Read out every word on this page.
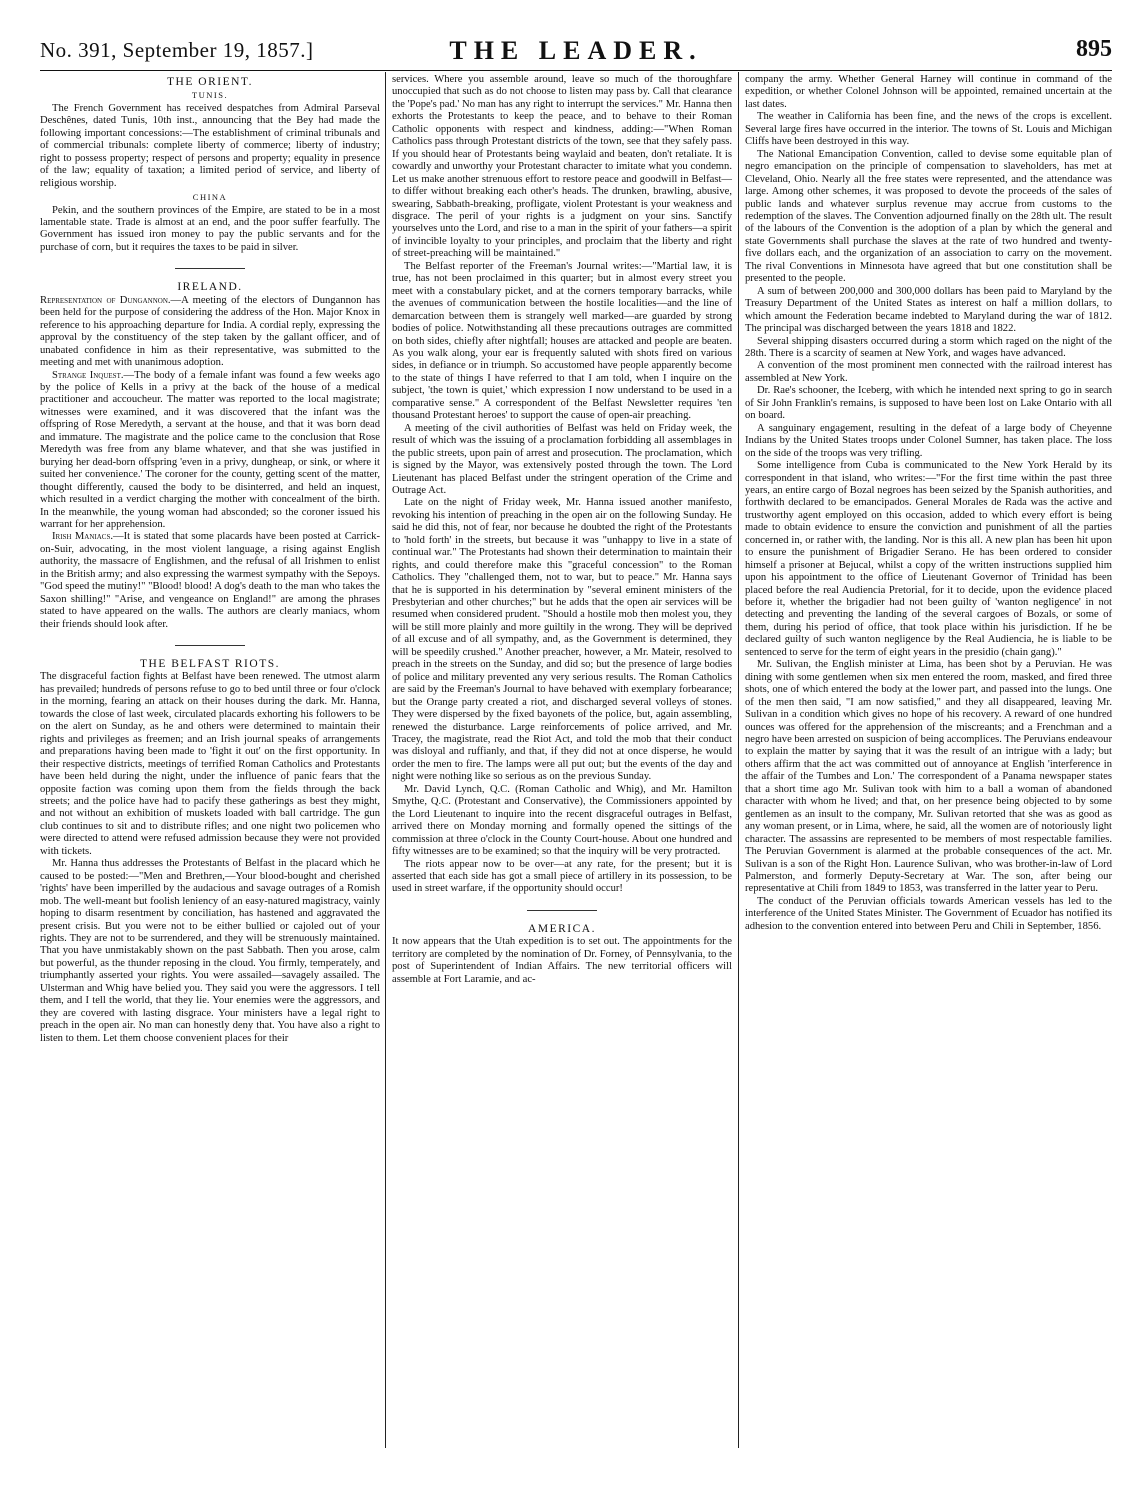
No. 391, September 19, 1857.]	THE LEADER.	895
THE ORIENT.
TUNIS.

The French Government has received despatches from Admiral Parseval Deschênes, dated Tunis, 10th inst., announcing that the Bey had made the following important concessions:—The establishment of criminal tribunals and of commercial tribunals: complete liberty of commerce; liberty of industry; right to possess property; respect of persons and property; equality in presence of the law; equality of taxation; a limited period of service, and liberty of religious worship.

CHINA

Pekin, and the southern provinces of the Empire, are stated to be in a most lamentable state. Trade is almost at an end, and the poor suffer fearfully. The Government has issued iron money to pay the public servants and for the purchase of corn, but it requires the taxes to be paid in silver.

IRELAND.

Representation of Dungannon.—A meeting of the electors of Dungannon has been held for the purpose of considering the address of the Hon. Major Knox in reference to his approaching departure for India. A cordial reply, expressing the approval by the constituency of the step taken by the gallant officer, and of unabated confidence in him as their representative, was submitted to the meeting and met with unanimous adoption.

Strange Inquest.—The body of a female infant was found a few weeks ago by the police of Kells in a privy at the back of the house of a medical practitioner and accoucheur. The matter was reported to the local magistrate; witnesses were examined, and it was discovered that the infant was the offspring of Rose Meredyth, a servant at the house, and that it was born dead and immature. The magistrate and the police came to the conclusion that Rose Meredyth was free from any blame whatever, and that she was justified in burying her dead-born offspring 'even in a privy, dungheap, or sink, or where it suited her convenience.' The coroner for the county, getting scent of the matter, thought differently, caused the body to be disinterred, and held an inquest, which resulted in a verdict charging the mother with concealment of the birth. In the meanwhile, the young woman had absconded; so the coroner issued his warrant for her apprehension.

Irish Maniacs.—It is stated that some placards have been posted at Carrick-on-Suir, advocating, in the most violent language, a rising against English authority, the massacre of Englishmen, and the refusal of all Irishmen to enlist in the British army; and also expressing the warmest sympathy with the Sepoys. "God speed the mutiny!" "Blood! blood! A dog's death to the man who takes the Saxon shilling!" "Arise, and vengeance on England!" are among the phrases stated to have appeared on the walls. The authors are clearly maniacs, whom their friends should look after.

THE BELFAST RIOTS.

The disgraceful faction fights at Belfast have been renewed. The utmost alarm has prevailed; hundreds of persons refuse to go to bed until three or four o'clock in the morning, fearing an attack on their houses during the dark. Mr. Hanna, towards the close of last week, circulated placards exhorting his followers to be on the alert on Sunday, as he and others were determined to maintain their rights and privileges as freemen; and an Irish journal speaks of arrangements and preparations having been made to 'fight it out' on the first opportunity. In their respective districts, meetings of terrified Roman Catholics and Protestants have been held during the night, under the influence of panic fears that the opposite faction was coming upon them from the fields through the back streets; and the police have had to pacify these gatherings as best they might, and not without an exhibition of muskets loaded with ball cartridge. The gun club continues to sit and to distribute rifles; and one night two policemen who were directed to attend were refused admission because they were not provided with tickets.

Mr. Hanna thus addresses the Protestants of Belfast in the placard which he caused to be posted:—"Men and Brethren,—Your blood-bought and cherished 'rights' have been imperilled by the audacious and savage outrages of a Romish mob. The well-meant but foolish leniency of an easy-natured magistracy, vainly hoping to disarm resentment by conciliation, has hastened and aggravated the present crisis. But you were not to be either bullied or cajoled out of your rights. They are not to be surrendered, and they will be strenuously maintained. That you have unmistakably shown on the past Sabbath. Then you arose, calm but powerful, as the thunder reposing in the cloud. You firmly, temperately, and triumphantly asserted your rights. You were assailed—savagely assailed. The Ulsterman and Whig have belied you. They said you were the aggressors. I tell them, and I tell the world, that they lie. Your enemies were the aggressors, and they are covered with lasting disgrace. Your ministers have a legal right to preach in the open air. No man can honestly deny that. You have also a right to listen to them. Let them choose convenient places for their

services. Where you assemble around, leave so much of the thoroughfare unoccupied that such as do not choose to listen may pass by. Call that clearance the 'Pope's pad.' No man has any right to interrupt the services." Mr. Hanna then exhorts the Protestants to keep the peace, and to behave to their Roman Catholic opponents with respect and kindness, adding:—"When Roman Catholics pass through Protestant districts of the town, see that they safely pass. If you should hear of Protestants being waylaid and beaten, don't retaliate. It is cowardly and unworthy your Protestant character to imitate what you condemn. Let us make another strenuous effort to restore peace and goodwill in Belfast—to differ without breaking each other's heads. The drunken, brawling, abusive, swearing, Sabbath-breaking, profligate, violent Protestant is your weakness and disgrace. The peril of your rights is a judgment on your sins. Sanctify yourselves unto the Lord, and rise to a man in the spirit of your fathers—a spirit of invincible loyalty to your principles, and proclaim that the liberty and right of street-preaching will be maintained."

The Belfast reporter of the Freeman's Journal writes:—"Martial law, it is true, has not been proclaimed in this quarter; but in almost every street you meet with a constabulary picket, and at the corners temporary barracks, while the avenues of communication between the hostile localities—and the line of demarcation between them is strangely well marked—are guarded by strong bodies of police. Notwithstanding all these precautions outrages are committed on both sides, chiefly after nightfall; houses are attacked and people are beaten. As you walk along, your ear is frequently saluted with shots fired on various sides, in defiance or in triumph. So accustomed have people apparently become to the state of things I have referred to that I am told, when I inquire on the subject, 'the town is quiet,' which expression I now understand to be used in a comparative sense." A correspondent of the Belfast Newsletter requires 'ten thousand Protestant heroes' to support the cause of open-air preaching.

A meeting of the civil authorities of Belfast was held on Friday week, the result of which was the issuing of a proclamation forbidding all assemblages in the public streets, upon pain of arrest and prosecution. The proclamation, which is signed by the Mayor, was extensively posted through the town. The Lord Lieutenant has placed Belfast under the stringent operation of the Crime and Outrage Act.

Late on the night of Friday week, Mr. Hanna issued another manifesto, revoking his intention of preaching in the open air on the following Sunday. He said he did this, not of fear, nor because he doubted the right of the Protestants to 'hold forth' in the streets, but because it was "unhappy to live in a state of continual war." The Protestants had shown their determination to maintain their rights, and could therefore make this "graceful concession" to the Roman Catholics. They "challenged them, not to war, but to peace." Mr. Hanna says that he is supported in his determination by "several eminent ministers of the Presbyterian and other churches;" but he adds that the open air services will be resumed when considered prudent. "Should a hostile mob then molest you, they will be still more plainly and more guiltily in the wrong. They will be deprived of all excuse and of all sympathy, and, as the Government is determined, they will be speedily crushed." Another preacher, however, a Mr. Mateir, resolved to preach in the streets on the Sunday, and did so; but the presence of large bodies of police and military prevented any very serious results. The Roman Catholics are said by the Freeman's Journal to have behaved with exemplary forbearance; but the Orange party created a riot, and discharged several volleys of stones. They were dispersed by the fixed bayonets of the police, but, again assembling, renewed the disturbance. Large reinforcements of police arrived, and Mr. Tracey, the magistrate, read the Riot Act, and told the mob that their conduct was disloyal and ruffianly, and that, if they did not at once disperse, he would order the men to fire. The lamps were all put out; but the events of the day and night were nothing like so serious as on the previous Sunday.

Mr. David Lynch, Q.C. (Roman Catholic and Whig), and Mr. Hamilton Smythe, Q.C. (Protestant and Conservative), the Commissioners appointed by the Lord Lieutenant to inquire into the recent disgraceful outrages in Belfast, arrived there on Monday morning and formally opened the sittings of the commission at three o'clock in the County Court-house. About one hundred and fifty witnesses are to be examined; so that the inquiry will be very protracted.

The riots appear now to be over—at any rate, for the present; but it is asserted that each side has got a small piece of artillery in its possession, to be used in street warfare, if the opportunity should occur!

AMERICA.

It now appears that the Utah expedition is to set out. The appointments for the territory are completed by the nomination of Dr. Forney, of Pennsylvania, to the post of Superintendent of Indian Affairs. The new territorial officers will assemble at Fort Laramie, and ac-

company the army. Whether General Harney will continue in command of the expedition, or whether Colonel Johnson will be appointed, remained uncertain at the last dates.

The weather in California has been fine, and the news of the crops is excellent. Several large fires have occurred in the interior. The towns of St. Louis and Michigan Cliffs have been destroyed in this way.

The National Emancipation Convention, called to devise some equitable plan of negro emancipation on the principle of compensation to slaveholders, has met at Cleveland, Ohio. Nearly all the free states were represented, and the attendance was large. Among other schemes, it was proposed to devote the proceeds of the sales of public lands and whatever surplus revenue may accrue from customs to the redemption of the slaves. The Convention adjourned finally on the 28th ult. The result of the labours of the Convention is the adoption of a plan by which the general and state Governments shall purchase the slaves at the rate of two hundred and twenty-five dollars each, and the organization of an association to carry on the movement. The rival Conventions in Minnesota have agreed that but one constitution shall be presented to the people.

A sum of between 200,000 and 300,000 dollars has been paid to Maryland by the Treasury Department of the United States as interest on half a million dollars, to which amount the Federation became indebted to Maryland during the war of 1812. The principal was discharged between the years 1818 and 1822.

Several shipping disasters occurred during a storm which raged on the night of the 28th. There is a scarcity of seamen at New York, and wages have advanced.

A convention of the most prominent men connected with the railroad interest has assembled at New York.

Dr. Rae's schooner, the Iceberg, with which he intended next spring to go in search of Sir John Franklin's remains, is supposed to have been lost on Lake Ontario with all on board.

A sanguinary engagement, resulting in the defeat of a large body of Cheyenne Indians by the United States troops under Colonel Sumner, has taken place. The loss on the side of the troops was very trifling.

Some intelligence from Cuba is communicated to the New York Herald by its correspondent in that island, who writes:—"For the first time within the past three years, an entire cargo of Bozal negroes has been seized by the Spanish authorities, and forthwith declared to be emancipados. General Morales de Rada was the active and trustworthy agent employed on this occasion, added to which every effort is being made to obtain evidence to ensure the conviction and punishment of all the parties concerned in, or rather with, the landing. Nor is this all. A new plan has been hit upon to ensure the punishment of Brigadier Serano. He has been ordered to consider himself a prisoner at Bejucal, whilst a copy of the written instructions supplied him upon his appointment to the office of Lieutenant Governor of Trinidad has been placed before the real Audiencia Pretorial, for it to decide, upon the evidence placed before it, whether the brigadier had not been guilty of 'wanton negligence' in not detecting and preventing the landing of the several cargoes of Bozals, or some of them, during his period of office, that took place within his jurisdiction. If he be declared guilty of such wanton negligence by the Real Audiencia, he is liable to be sentenced to serve for the term of eight years in the presidio (chain gang)."

Mr. Sulivan, the English minister at Lima, has been shot by a Peruvian. He was dining with some gentlemen when six men entered the room, masked, and fired three shots, one of which entered the body at the lower part, and passed into the lungs. One of the men then said, "I am now satisfied," and they all disappeared, leaving Mr. Sulivan in a condition which gives no hope of his recovery. A reward of one hundred ounces was offered for the apprehension of the miscreants; and a Frenchman and a negro have been arrested on suspicion of being accomplices. The Peruvians endeavour to explain the matter by saying that it was the result of an intrigue with a lady; but others affirm that the act was committed out of annoyance at English 'interference in the affair of the Tumbes and Lon.' The correspondent of a Panama newspaper states that a short time ago Mr. Sulivan took with him to a ball a woman of abandoned character with whom he lived; and that, on her presence being objected to by some gentlemen as an insult to the company, Mr. Sulivan retorted that she was as good as any woman present, or in Lima, where, he said, all the women are of notoriously light character. The assassins are represented to be members of most respectable families. The Peruvian Government is alarmed at the probable consequences of the act. Mr. Sulivan is a son of the Right Hon. Laurence Sulivan, who was brother-in-law of Lord Palmerston, and formerly Deputy-Secretary at War. The son, after being our representative at Chili from 1849 to 1853, was transferred in the latter year to Peru.

The conduct of the Peruvian officials towards American vessels has led to the interference of the United States Minister. The Government of Ecuador has notified its adhesion to the convention entered into between Peru and Chili in September, 1856.
